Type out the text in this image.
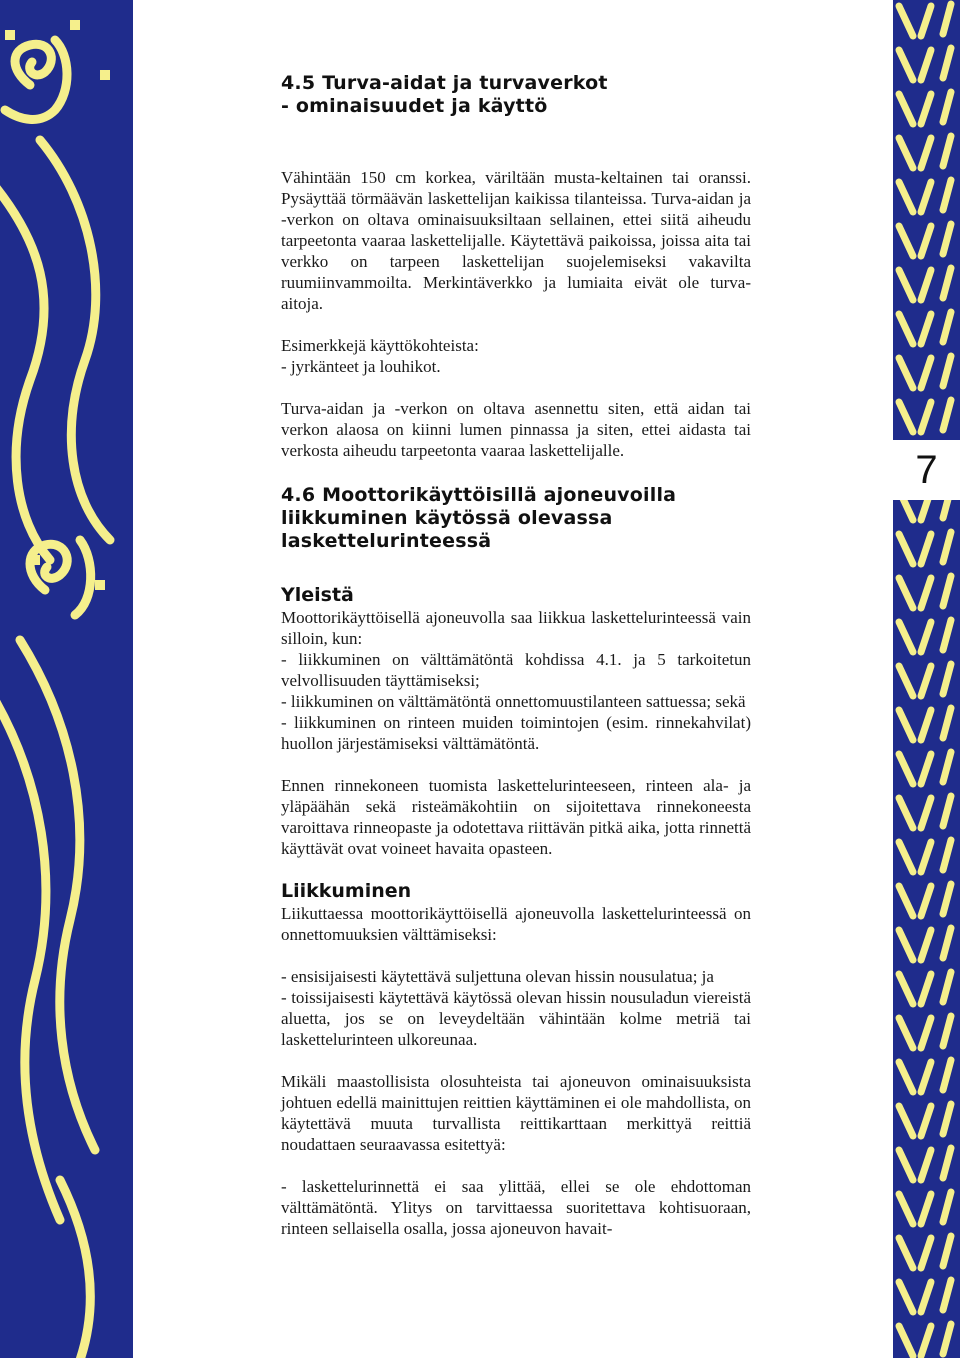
7
4.5 Turva-aidat ja turvaverkot
- ominaisuudet ja käyttö

Vähintään 150 cm korkea, väriltään musta-keltainen tai oranssi. Pysäyttää törmäävän laskettelijan kaikissa tilanteissa. Turva-aidan ja -verkon on oltava ominaisuuksiltaan sellainen, ettei siitä aiheudu tarpeetonta vaaraa laskettelijalle. Käytettävä paikoissa, joissa aita tai verkko on tarpeen laskettelijan suojelemiseksi vakavilta ruumiinvammoilta. Merkintäverkko ja lumiaita eivät ole turva-aitoja.

Esimerkkejä käyttökohteista:

- jyrkänteet ja louhikot.

Turva-aidan ja -verkon on oltava asennettu siten, että aidan tai verkon alaosa on kiinni lumen pinnassa ja siten, ettei aidasta tai verkosta aiheudu tarpeetonta vaaraa laskettelijalle.

4.6 Moottorikäyttöisillä ajoneuvoilla
liikkuminen käytössä olevassa
laskettelurinteessä
Yleistä

Moottorikäyttöisellä ajoneuvolla saa liikkua laskettelurinteessä vain silloin, kun:

- liikkuminen on välttämätöntä kohdissa 4.1. ja 5 tarkoitetun velvollisuuden täyttämiseksi;

- liikkuminen on välttämätöntä onnettomuustilanteen sattuessa; sekä

- liikkuminen on rinteen muiden toimintojen (esim. rinnekahvilat) huollon järjestämiseksi välttämätöntä.

Ennen rinnekoneen tuomista laskettelurinteeseen, rinteen ala- ja yläpäähän sekä risteämäkohtiin on sijoitettava rinnekoneesta varoittava rinneopaste ja odotettava riittävän pitkä aika, jotta rinnettä käyttävät ovat voineet havaita opasteen.

Liikkuminen

Liikuttaessa moottorikäyttöisellä ajoneuvolla laskettelurinteessä on onnettomuuksien välttämiseksi:

- ensisijaisesti käytettävä suljettuna olevan hissin nousulatua; ja

- toissijaisesti käytettävä käytössä olevan hissin nousuladun viereistä aluetta, jos se on leveydeltään vähintään kolme metriä tai laskettelurinteen ulkoreunaa.

Mikäli maastollisista olosuhteista tai ajoneuvon ominaisuuksista johtuen edellä mainittujen reittien käyttäminen ei ole mahdollista, on käytettävä muuta turvallista reittikarttaan merkittyä reittiä noudattaen seuraavassa esitettyä:

- laskettelurinnettä ei saa ylittää, ellei se ole ehdottoman välttämätöntä. Ylitys on tarvittaessa suoritettava kohtisuoraan, rinteen sellaisella osalla, jossa ajoneuvon havait-
